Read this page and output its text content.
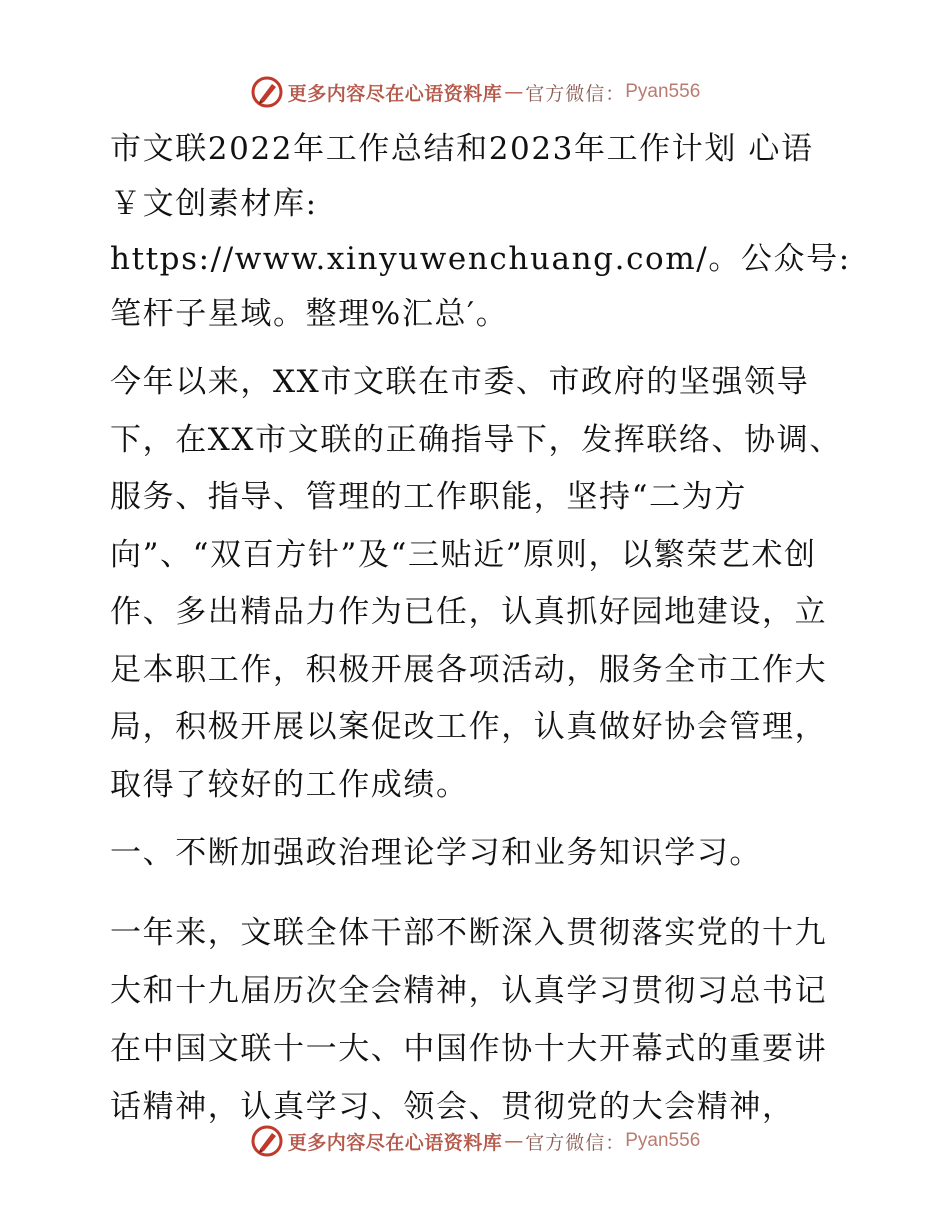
更多内容尽在心语资料库 — 官方微信： Pyan556

市文联2022年工作总结和2023年工作计划 心语￥文创素材库: https://www.xinyuwenchuang.com/。公众号: 笔杆子星域。整理%汇总′。

今年以来，XX市文联在市委、市政府的坚强领导下，在XX市文联的正确指导下，发挥联络、协调、服务、指导、管理的工作职能，坚持“二为方向”、“双百方针”及“三贴近”原则，以繁荣艺术创作、多出精品力作为已任，认真抓好园地建设，立足本职工作，积极开展各项活动，服务全市工作大局，积极开展以案促改工作，认真做好协会管理，取得了较好的工作成绩。

一、不断加强政治理论学习和业务知识学习。

一年来，文联全体干部不断深入贯彻落实党的十九大和十九届历次全会精神，认真学习贯彻习总书记在中国文联十一大、中国作协十大开幕式的重要讲话精神，认真学习、领会、贯彻党的大会精神，

更多内容尽在心语资料库 — 官方微信： Pyan556
